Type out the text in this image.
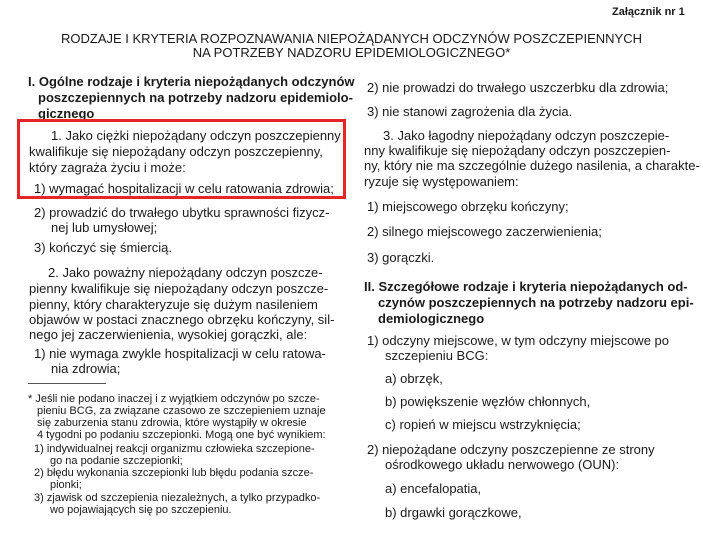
Załącznik nr 1
RODZAJE I KRYTERIA ROZPOZNAWANIA NIEPOŻĄDANYCH ODCZYNÓW POSZCZEPIENNYCH
NA POTRZEBY NADZORU EPIDEMIOLOGICZNEGO*
I. Ogólne rodzaje i kryteria niepożądanych odczynów
poszczepiennych na potrzeby nadzoru epidemiolo-
gicznego
1. Jako ciężki niepożądany odczyn poszczepienny
kwalifikuje się niepożądany odczyn poszczepienny,
który zagraża życiu i może:
1) wymagać hospitalizacji w celu ratowania zdrowia;
2) prowadzić do trwałego ubytku sprawności fizycz-
nej lub umysłowej;
3) kończyć się śmiercią.
2. Jako poważny niepożądany odczyn poszcze-
pienny kwalifikuje się niepożądany odczyn poszcze-
pienny, który charakteryzuje się dużym nasileniem
objawów w postaci znacznego obrzęku kończyny, sil-
nego jej zaczerwienienia, wysokiej gorączki, ale:
1) nie wymaga zwykle hospitalizacji w celu ratowa-
nia zdrowia;
* Jeśli nie podano inaczej i z wyjątkiem odczynów po szcze-
pieniu BCG, za związane czasowo ze szczepieniem uznaje
się zaburzenia stanu zdrowia, które wystąpiły w okresie
4 tygodni po podaniu szczepionki. Mogą one być wynikiem:
1) indywidualnej reakcji organizmu człowieka szczepione-
go na podanie szczepionki;
2) błędu wykonania szczepionki lub błędu podania szcze-
pionki;
3) zjawisk od szczepienia niezależnych, a tylko przypadko-
wo pojawiających się po szczepieniu.
2) nie prowadzi do trwałego uszczerbku dla zdrowia;
3) nie stanowi zagrożenia dla życia.
3. Jako łagodny niepożądany odczyn poszczepie-
nny kwalifikuje się niepożądany odczyn poszczepien-
ny, który nie ma szczególnie dużego nasilenia, a charakte-
ryzuje się występowaniem:
1) miejscowego obrzęku kończyny;
2) silnego miejscowego zaczerwienienia;
3) gorączki.
II. Szczegółowe rodzaje i kryteria niepożądanych od-
czynów poszczepiennych na potrzeby nadzoru epi-
demiologicznego
1) odczyny miejscowe, w tym odczyny miejscowe po
szczepieniu BCG:
a) obrzęk,
b) powiększenie węzłów chłonnych,
c) ropień w miejscu wstrzyknięcia;
2) niepożądane odczyny poszczepienne ze strony
ośrodkowego układu nerwowego (OUN):
a) encefalopatia,
b) drgawki gorączkowe,
